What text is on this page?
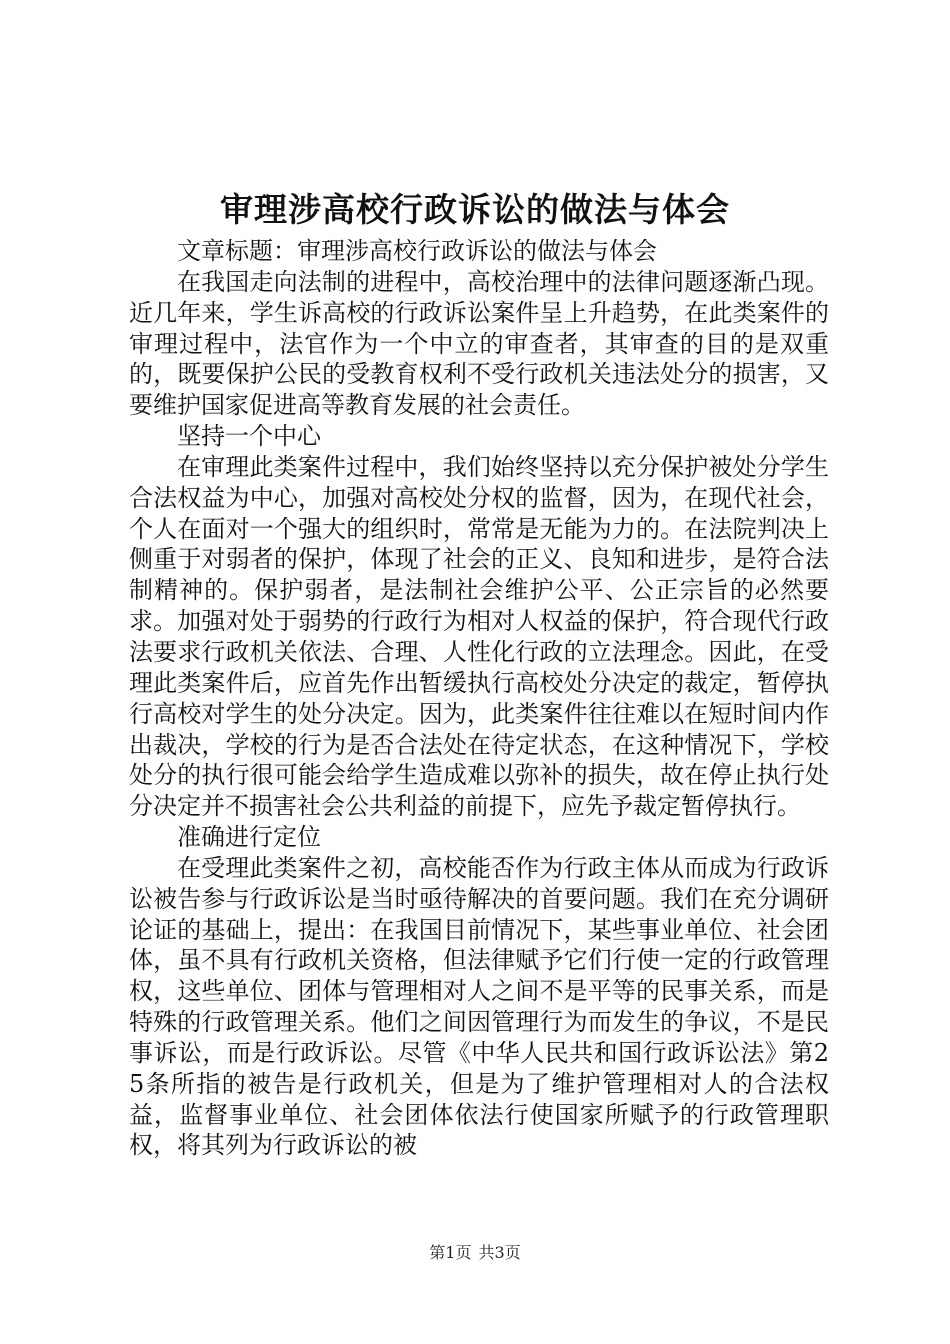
审理涉高校行政诉讼的做法与体会

文章标题：审理涉高校行政诉讼的做法与体会

在我国走向法制的进程中，高校治理中的法律问题逐渐凸现。近几年来，学生诉高校的行政诉讼案件呈上升趋势，在此类案件的审理过程中，法官作为一个中立的审查者，其审查的目的是双重的，既要保护公民的受教育权利不受行政机关违法处分的损害，又要维护国家促进高等教育发展的社会责任。

坚持一个中心

在审理此类案件过程中，我们始终坚持以充分保护被处分学生合法权益为中心，加强对高校处分权的监督，因为，在现代社会，个人在面对一个强大的组织时，常常是无能为力的。在法院判决上侧重于对弱者的保护，体现了社会的正义、良知和进步，是符合法制精神的。保护弱者，是法制社会维护公平、公正宗旨的必然要求。加强对处于弱势的行政行为相对人权益的保护，符合现代行政法要求行政机关依法、合理、人性化行政的立法理念。因此，在受理此类案件后，应首先作出暂缓执行高校处分决定的裁定，暂停执行高校对学生的处分决定。因为，此类案件往往难以在短时间内作出裁决，学校的行为是否合法处在待定状态，在这种情况下，学校处分的执行很可能会给学生造成难以弥补的损失，故在停止执行处分决定并不损害社会公共利益的前提下，应先予裁定暂停执行。

准确进行定位

在受理此类案件之初，高校能否作为行政主体从而成为行政诉讼被告参与行政诉讼是当时亟待解决的首要问题。我们在充分调研论证的基础上，提出：在我国目前情况下，某些事业单位、社会团体，虽不具有行政机关资格，但法律赋予它们行使一定的行政管理权，这些单位、团体与管理相对人之间不是平等的民事关系，而是特殊的行政管理关系。他们之间因管理行为而发生的争议，不是民事诉讼，而是行政诉讼。尽管《中华人民共和国行政诉讼法》第25条所指的被告是行政机关，但是为了维护管理相对人的合法权益，监督事业单位、社会团体依法行使国家所赋予的行政管理职权，将其列为行政诉讼的被

第1页 共3页
